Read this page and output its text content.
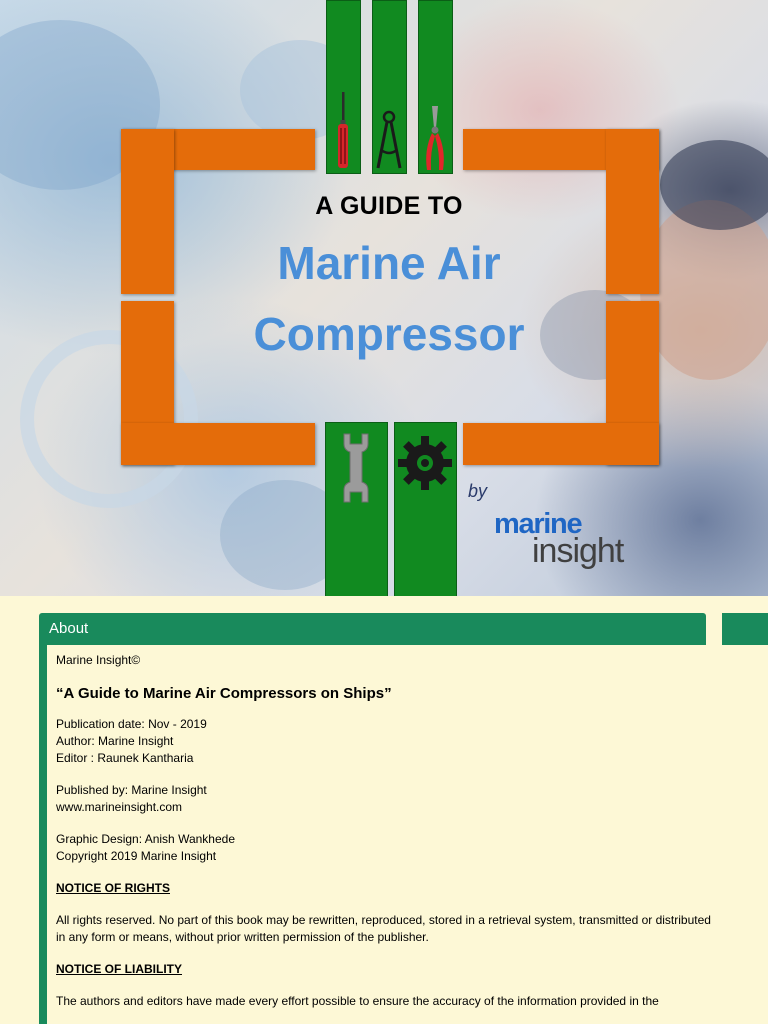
A GUIDE TO
Marine Air
Compressor
by
marine
insight
About

Marine Insight©

“A Guide to Marine Air Compressors on Ships”

Publication date: Nov - 2019

Author: Marine Insight

Editor : Raunek Kantharia

Published by: Marine Insight

www.marineinsight.com

Graphic Design: Anish Wankhede

Copyright 2019 Marine Insight

NOTICE OF RIGHTS

All rights reserved. No part of this book may be rewritten, reproduced, stored in a retrieval system, transmitted or distributed in any form or means, without prior written permission of the publisher.

NOTICE OF LIABILITY

The authors and editors have made every effort possible to ensure the accuracy of the information provided in the
